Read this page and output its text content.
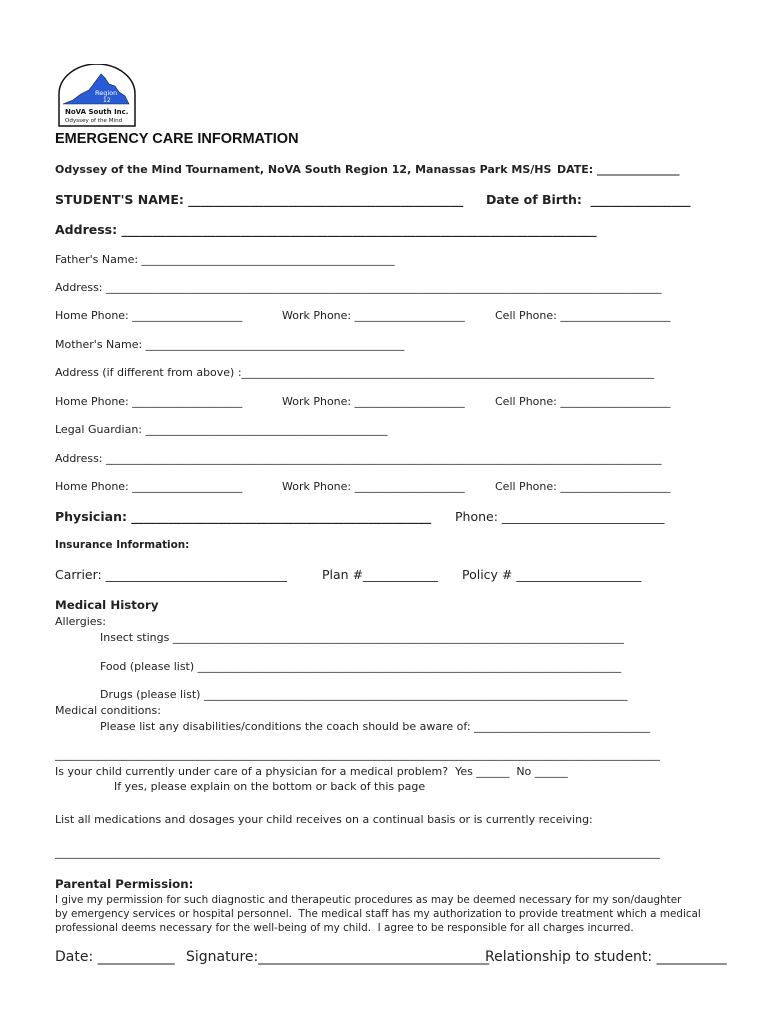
Region
12
NoVA South Inc.
Odyssey of the Mind
EMERGENCY CARE INFORMATION
Odyssey of the Mind Tournament, NoVA South Region 12, Manassas Park MS/HS DATE: _______________
STUDENT'S NAME: ____________________________________________ Date of Birth:  ________________
Address: ____________________________________________________________________________
Father's Name: ______________________________________________
Address: _____________________________________________________________________________________________________
Home Phone: ____________________	Work Phone: ____________________	Cell Phone: ____________________
Mother's Name: _______________________________________________
Address (if different from above) :___________________________________________________________________________
Home Phone: ____________________	Work Phone: ____________________	Cell Phone: ____________________
Legal Guardian: ____________________________________________
Address: _____________________________________________________________________________________________________
Home Phone: ____________________	Work Phone: ____________________	Cell Phone: ____________________
Physician: ________________________________________________ Phone: __________________________
Insurance Information:
Carrier: _____________________________	Plan #____________ Policy # ____________________
Medical History
Allergies:
Insect stings __________________________________________________________________________________
Food (please list) _____________________________________________________________________________
Drugs (please list) _____________________________________________________________________________
Medical conditions:
Please list any disabilities/conditions the coach should be aware of: ________________________________
______________________________________________________________________________________________________________
Is your child currently under care of a physician for a medical problem?  Yes ______  No ______
If yes, please explain on the bottom or back of this page
List all medications and dosages your child receives on a continual basis or is currently receiving:
______________________________________________________________________________________________________________
Parental Permission:
I give my permission for such diagnostic and therapeutic procedures as may be deemed necessary for my son/daughter
by emergency services or hospital personnel.  The medical staff has my authorization to provide treatment which a medical
professional deems necessary for the well-being of my child.  I agree to be responsible for all charges incurred.
Date: ___________ Signature:_________________________________
Relationship to student: __________
